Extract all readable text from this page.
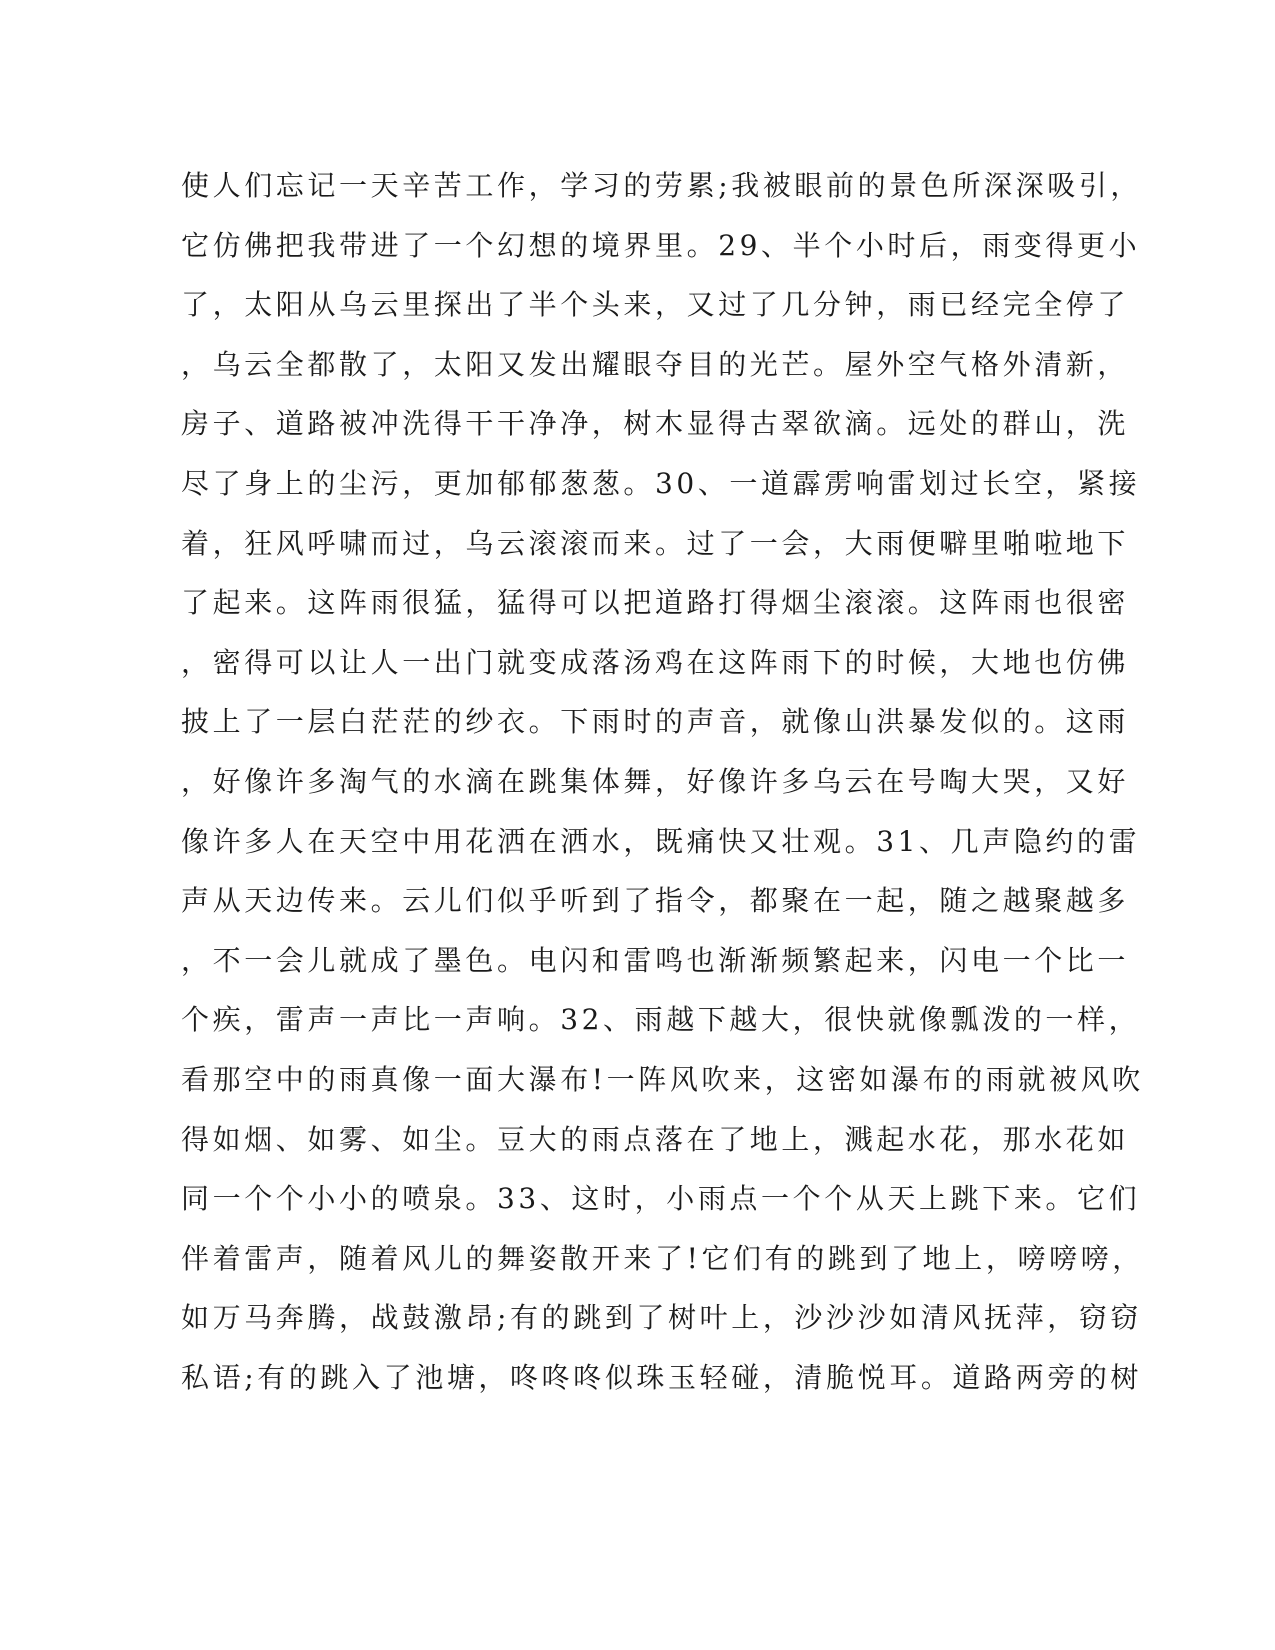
使人们忘记一天辛苦工作，学习的劳累;我被眼前的景色所深深吸引，
它仿佛把我带进了一个幻想的境界里。29、半个小时后，雨变得更小
了，太阳从乌云里探出了半个头来，又过了几分钟，雨已经完全停了
，乌云全都散了，太阳又发出耀眼夺目的光芒。屋外空气格外清新，
房子、道路被冲洗得干干净净，树木显得古翠欲滴。远处的群山，洗
尽了身上的尘污，更加郁郁葱葱。30、一道霹雳响雷划过长空，紧接
着，狂风呼啸而过，乌云滚滚而来。过了一会，大雨便噼里啪啦地下
了起来。这阵雨很猛，猛得可以把道路打得烟尘滚滚。这阵雨也很密
，密得可以让人一出门就变成落汤鸡在这阵雨下的时候，大地也仿佛
披上了一层白茫茫的纱衣。下雨时的声音，就像山洪暴发似的。这雨
，好像许多淘气的水滴在跳集体舞，好像许多乌云在号啕大哭，又好
像许多人在天空中用花洒在洒水，既痛快又壮观。31、几声隐约的雷
声从天边传来。云儿们似乎听到了指令，都聚在一起，随之越聚越多
，不一会儿就成了墨色。电闪和雷鸣也渐渐频繁起来，闪电一个比一
个疾，雷声一声比一声响。32、雨越下越大，很快就像瓢泼的一样，
看那空中的雨真像一面大瀑布!一阵风吹来，这密如瀑布的雨就被风吹
得如烟、如雾、如尘。豆大的雨点落在了地上，溅起水花，那水花如
同一个个小小的喷泉。33、这时，小雨点一个个从天上跳下来。它们
伴着雷声，随着风儿的舞姿散开来了!它们有的跳到了地上，嗙嗙嗙，
如万马奔腾，战鼓激昂;有的跳到了树叶上，沙沙沙如清风抚萍，窃窃
私语;有的跳入了池塘，咚咚咚似珠玉轻碰，清脆悦耳。道路两旁的树
